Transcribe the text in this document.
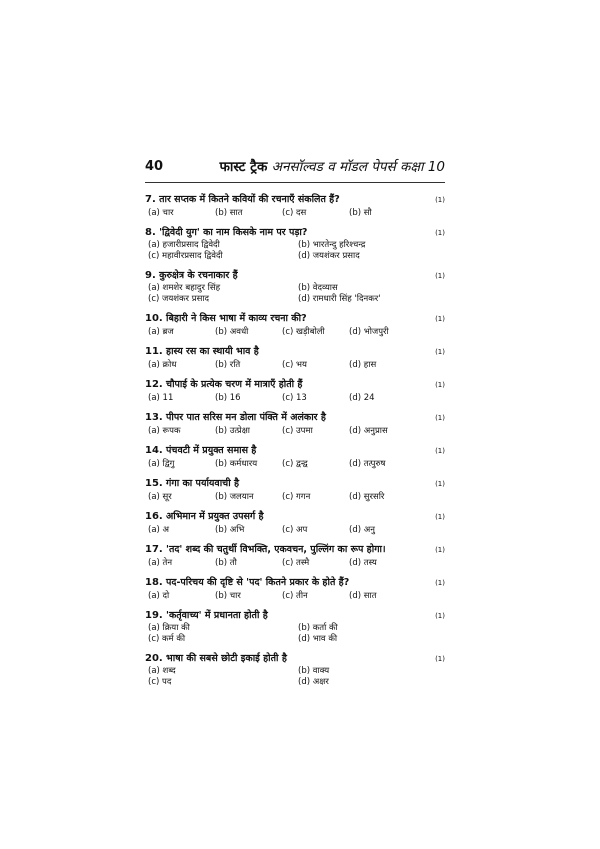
40	फास्ट ट्रैक अनसॉल्वड व मॉडल पेपर्स कक्षा 10
7. तार सप्तक में कितने कवियों की रचनाएँ संकलित हैं?	(1)
(a) चार	(b) सात	(c) दस	(b) सौ
8. 'द्विवेदी युग' का नाम किसके नाम पर पड़ा?	(1)
(a) हजारीप्रसाद द्विवेदी	(b) भारतेन्दु हरिश्चन्द्र
(c) महावीरप्रसाद द्विवेदी	(d) जयशंकर प्रसाद
9. कुरुक्षेत्र के रचनाकार हैं	(1)
(a) शमशेर बहादुर सिंह	(b) वेदव्यास
(c) जयशंकर प्रसाद	(d) रामधारी सिंह 'दिनकर'
10. बिहारी ने किस भाषा में काव्य रचना की?	(1)
(a) ब्रज	(b) अवधी	(c) खड़ीबोली	(d) भोजपुरी
11. हास्य रस का स्थायी भाव है	(1)
(a) क्रोध	(b) रति	(c) भय	(d) हास
12. चौपाई के प्रत्येक चरण में मात्राएँ होती हैं	(1)
(a) 11	(b) 16	(c) 13	(d) 24
13. पीपर पात सरिस मन डोला पंक्ति में अलंकार है	(1)
(a) रूपक	(b) उत्प्रेक्षा	(c) उपमा	(d) अनुप्रास
14. पंचवटी में प्रयुक्त समास है	(1)
(a) द्विगु	(b) कर्मधारय	(c) द्वन्द्व	(d) तत्पुरुष
15. गंगा का पर्यायवाची है	(1)
(a) सूर	(b) जलयान	(c) गगन	(d) सुरसरि
16. अभिमान में प्रयुक्त उपसर्ग है	(1)
(a) अ	(b) अभि	(c) अप	(d) अनु
17. 'तद' शब्द की चतुर्थी विभक्ति, एकवचन, पुल्लिंग का रूप होगा।	(1)
(a) तेन	(b) तौ	(c) तस्मै	(d) तस्य
18. पद-परिचय की दृष्टि से 'पद' कितने प्रकार के होते हैं?	(1)
(a) दो	(b) चार	(c) तीन	(d) सात
19. 'कर्तृवाच्य' में प्रधानता होती है	(1)
(a) क्रिया की	(b) कर्ता की
(c) कर्म की	(d) भाव की
20. भाषा की सबसे छोटी इकाई होती है	(1)
(a) शब्द	(b) वाक्य
(c) पद	(d) अक्षर
